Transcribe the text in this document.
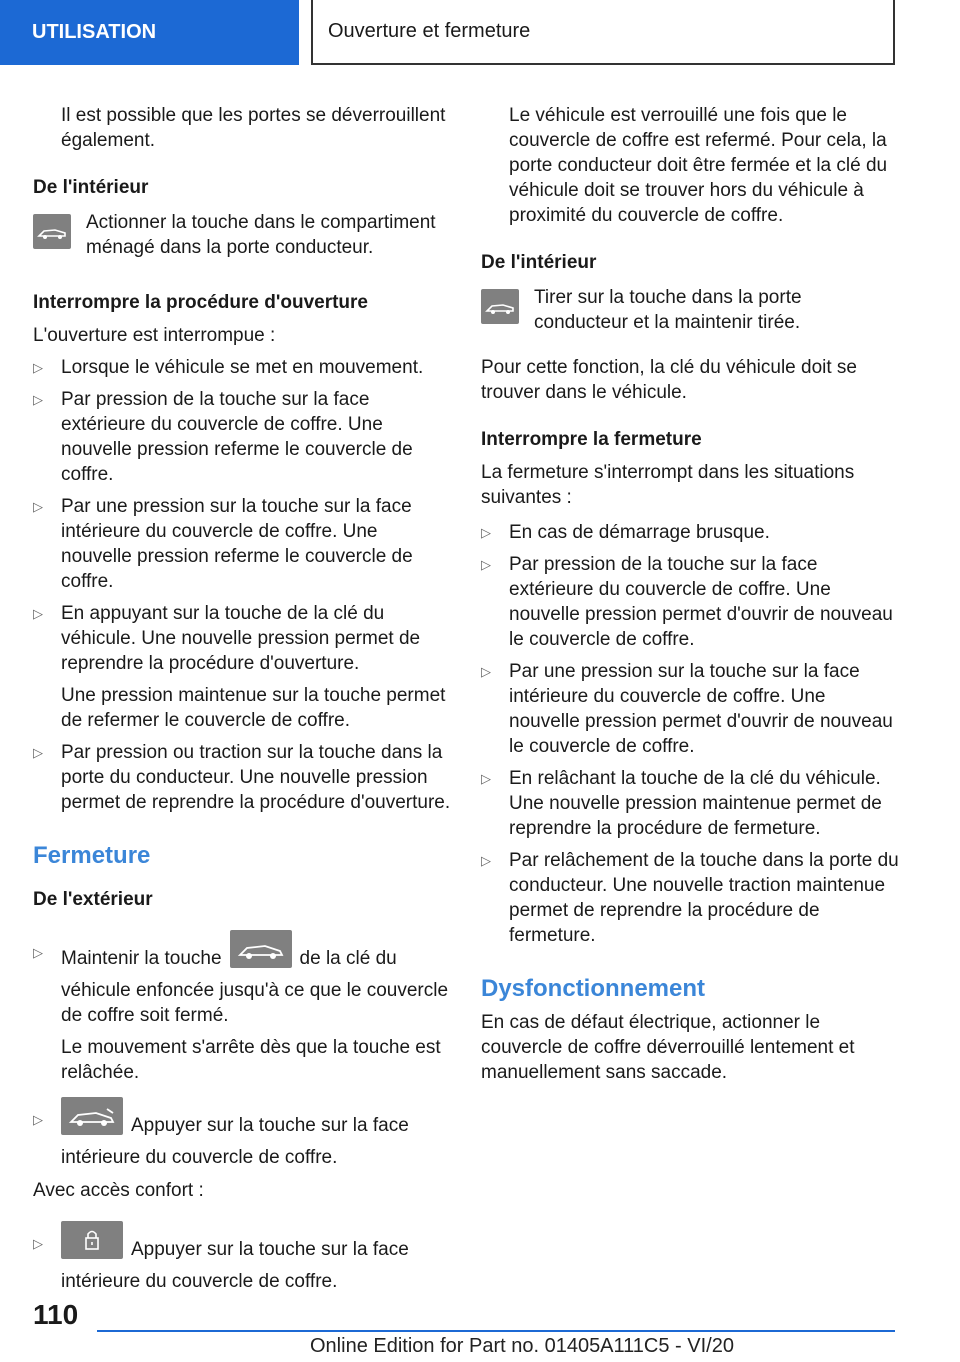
UTILISATION	Ouverture et fermeture

Il est possible que les portes se déverrouillent également.

De l'intérieur

Actionner la touche dans le compartiment ménagé dans la porte conducteur.

Interrompre la procédure d'ouverture

L'ouverture est interrompue :

▷ Lorsque le véhicule se met en mouvement.
▷ Par pression de la touche sur la face extérieure du couvercle de coffre. Une nouvelle pression referme le couvercle de coffre.
▷ Par une pression sur la touche sur la face intérieure du couvercle de coffre. Une nouvelle pression referme le couvercle de coffre.
▷ En appuyant sur la touche de la clé du véhicule. Une nouvelle pression permet de reprendre la procédure d'ouverture.

Une pression maintenue sur la touche permet de refermer le couvercle de coffre.

▷ Par pression ou traction sur la touche dans la porte du conducteur. Une nouvelle pression permet de reprendre la procédure d'ouverture.

Fermeture

De l'extérieur

▷ Maintenir la touche	de la clé du véhicule enfoncée jusqu'à ce que le couvercle de coffre soit fermé.

Le mouvement s'arrête dès que la touche est relâchée.

▷	Appuyer sur la touche sur la face intérieure du couvercle de coffre.

Avec accès confort :

▷	Appuyer sur la touche sur la face intérieure du couvercle de coffre.

Le véhicule est verrouillé une fois que le couvercle de coffre est refermé. Pour cela, la porte conducteur doit être fermée et la clé du véhicule doit se trouver hors du véhicule à proximité du couvercle de coffre.

De l'intérieur

Tirer sur la touche dans la porte conducteur et la maintenir tirée.

Pour cette fonction, la clé du véhicule doit se trouver dans le véhicule.

Interrompre la fermeture

La fermeture s'interrompt dans les situations suivantes :

▷ En cas de démarrage brusque.
▷ Par pression de la touche sur la face extérieure du couvercle de coffre. Une nouvelle pression permet d'ouvrir de nouveau le couvercle de coffre.
▷ Par une pression sur la touche sur la face intérieure du couvercle de coffre. Une nouvelle pression permet d'ouvrir de nouveau le couvercle de coffre.
▷ En relâchant la touche de la clé du véhicule. Une nouvelle pression maintenue permet de reprendre la procédure de fermeture.
▷ Par relâchement de la touche dans la porte du conducteur. Une nouvelle traction maintenue permet de reprendre la procédure de fermeture.

Dysfonctionnement

En cas de défaut électrique, actionner le couvercle de coffre déverrouillé lentement et manuellement sans saccade.

110
Online Edition for Part no. 01405A111C5 - VI/20
